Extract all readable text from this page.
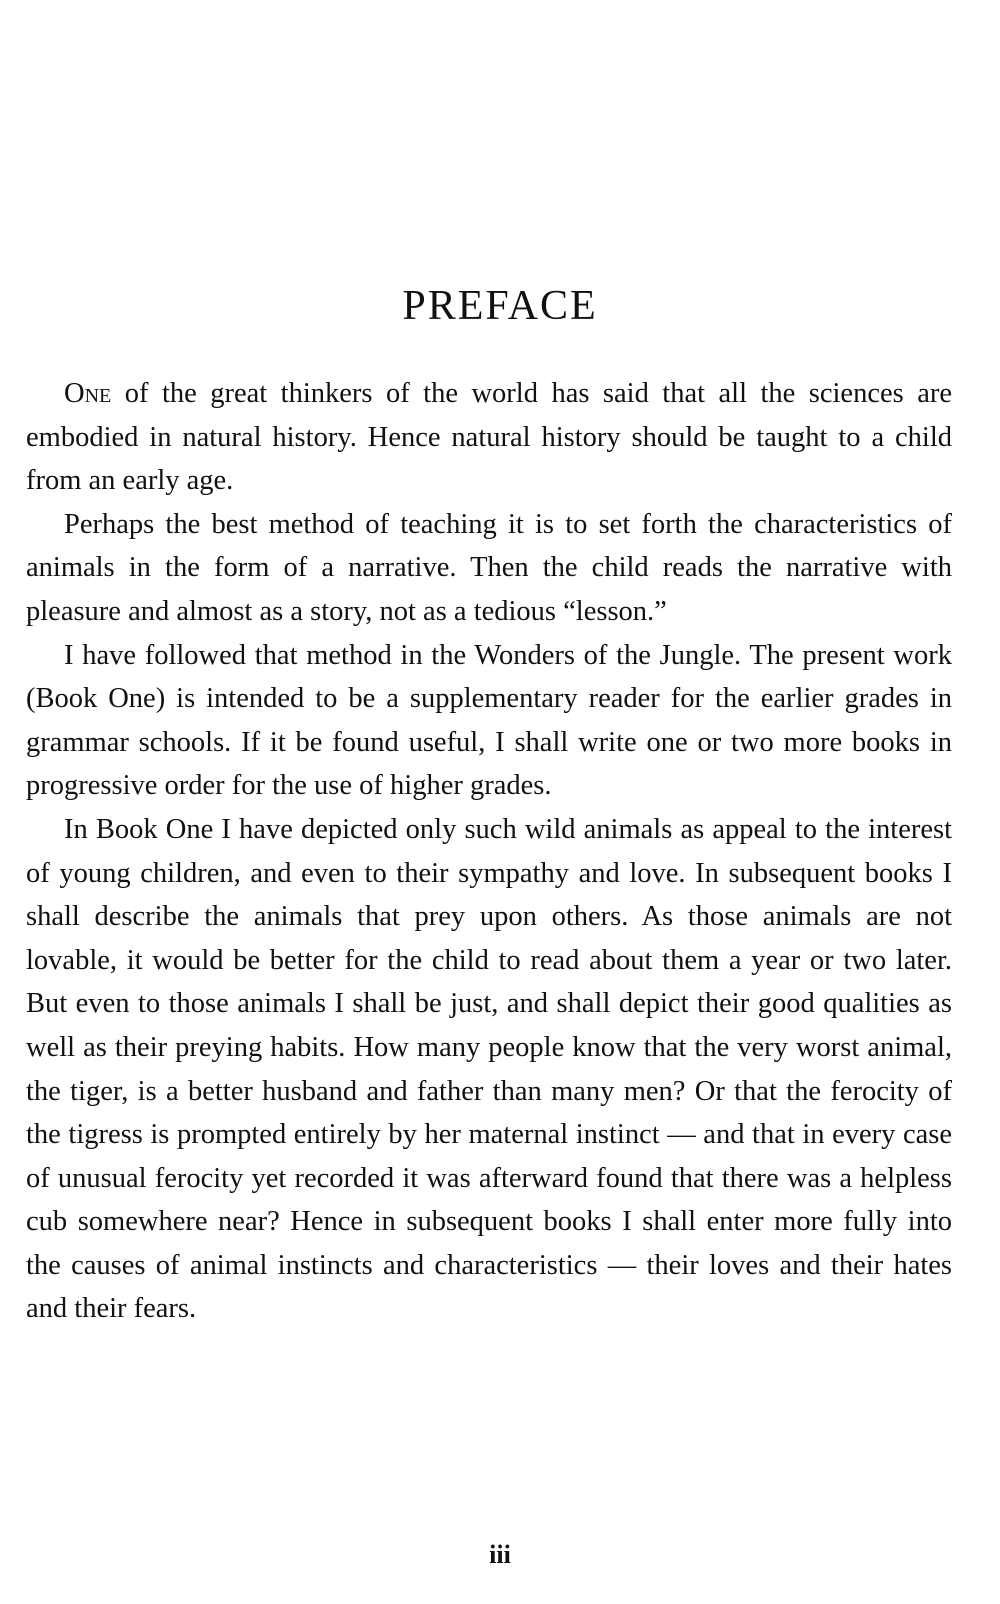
PREFACE

One of the great thinkers of the world has said that all the sciences are embodied in natural history. Hence natural history should be taught to a child from an early age.

Perhaps the best method of teaching it is to set forth the characteristics of animals in the form of a narrative. Then the child reads the narrative with pleasure and almost as a story, not as a tedious “lesson.”

I have followed that method in the Wonders of the Jungle. The present work (Book One) is intended to be a supplementary reader for the earlier grades in grammar schools. If it be found useful, I shall write one or two more books in progressive order for the use of higher grades.

In Book One I have depicted only such wild animals as appeal to the interest of young children, and even to their sympathy and love. In subsequent books I shall describe the animals that prey upon others. As those animals are not lovable, it would be better for the child to read about them a year or two later. But even to those animals I shall be just, and shall depict their good qualities as well as their preying habits. How many people know that the very worst animal, the tiger, is a better husband and father than many men? Or that the ferocity of the tigress is prompted entirely by her maternal instinct — and that in every case of unusual ferocity yet recorded it was afterward found that there was a helpless cub somewhere near? Hence in subsequent books I shall enter more fully into the causes of animal instincts and characteristics — their loves and their hates and their fears.

iii
